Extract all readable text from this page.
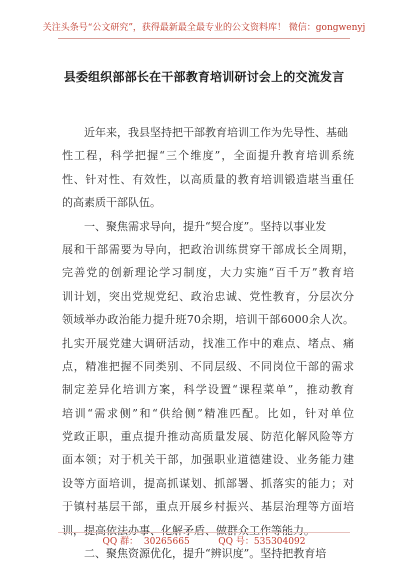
关注头条号“公文研究”，获得最新最全最专业的公文资料库！ 微信：gongwenyj
县委组织部部长在干部教育培训研讨会上的交流发言
近年来，我县坚持把干部教育培训工作为先导性、基础
性工程，科学把握“三个维度”，全面提升教育培训系统
性、针对性、有效性，以高质量的教育培训锻造堪当重任
的高素质干部队伍。
一、聚焦需求导向，提升“契合度”。坚持以事业发
展和干部需要为导向，把政治训练贯穿干部成长全周期，
完善党的创新理论学习制度，大力实施“百千万”教育培
训计划，突出党规党纪、政治忠诚、党性教育，分层次分
领域举办政治能力提升班70余期，培训干部6000余人次。
扎实开展党建大调研活动，找准工作中的难点、堵点、痛
点，精准把握不同类别、不同层级、不同岗位干部的需求
制定差异化培训方案，科学设置“课程菜单”，推动教育
培训“需求侧”和“供给侧”精准匹配。比如，针对单位
党政正职，重点提升推动高质量发展、防范化解风险等方
面本领；对于机关干部，加强职业道德建设、业务能力建
设等方面培训，提高抓谋划、抓部署、抓落实的能力；对
于镇村基层干部，重点开展乡村振兴、基层治理等方面培
训，提高依法办事、化解矛盾、做群众工作等能力。
二、聚焦资源优化，提升“辨识度”。坚持把教育培
QQ 群：  30265665          QQ 号：535304092
